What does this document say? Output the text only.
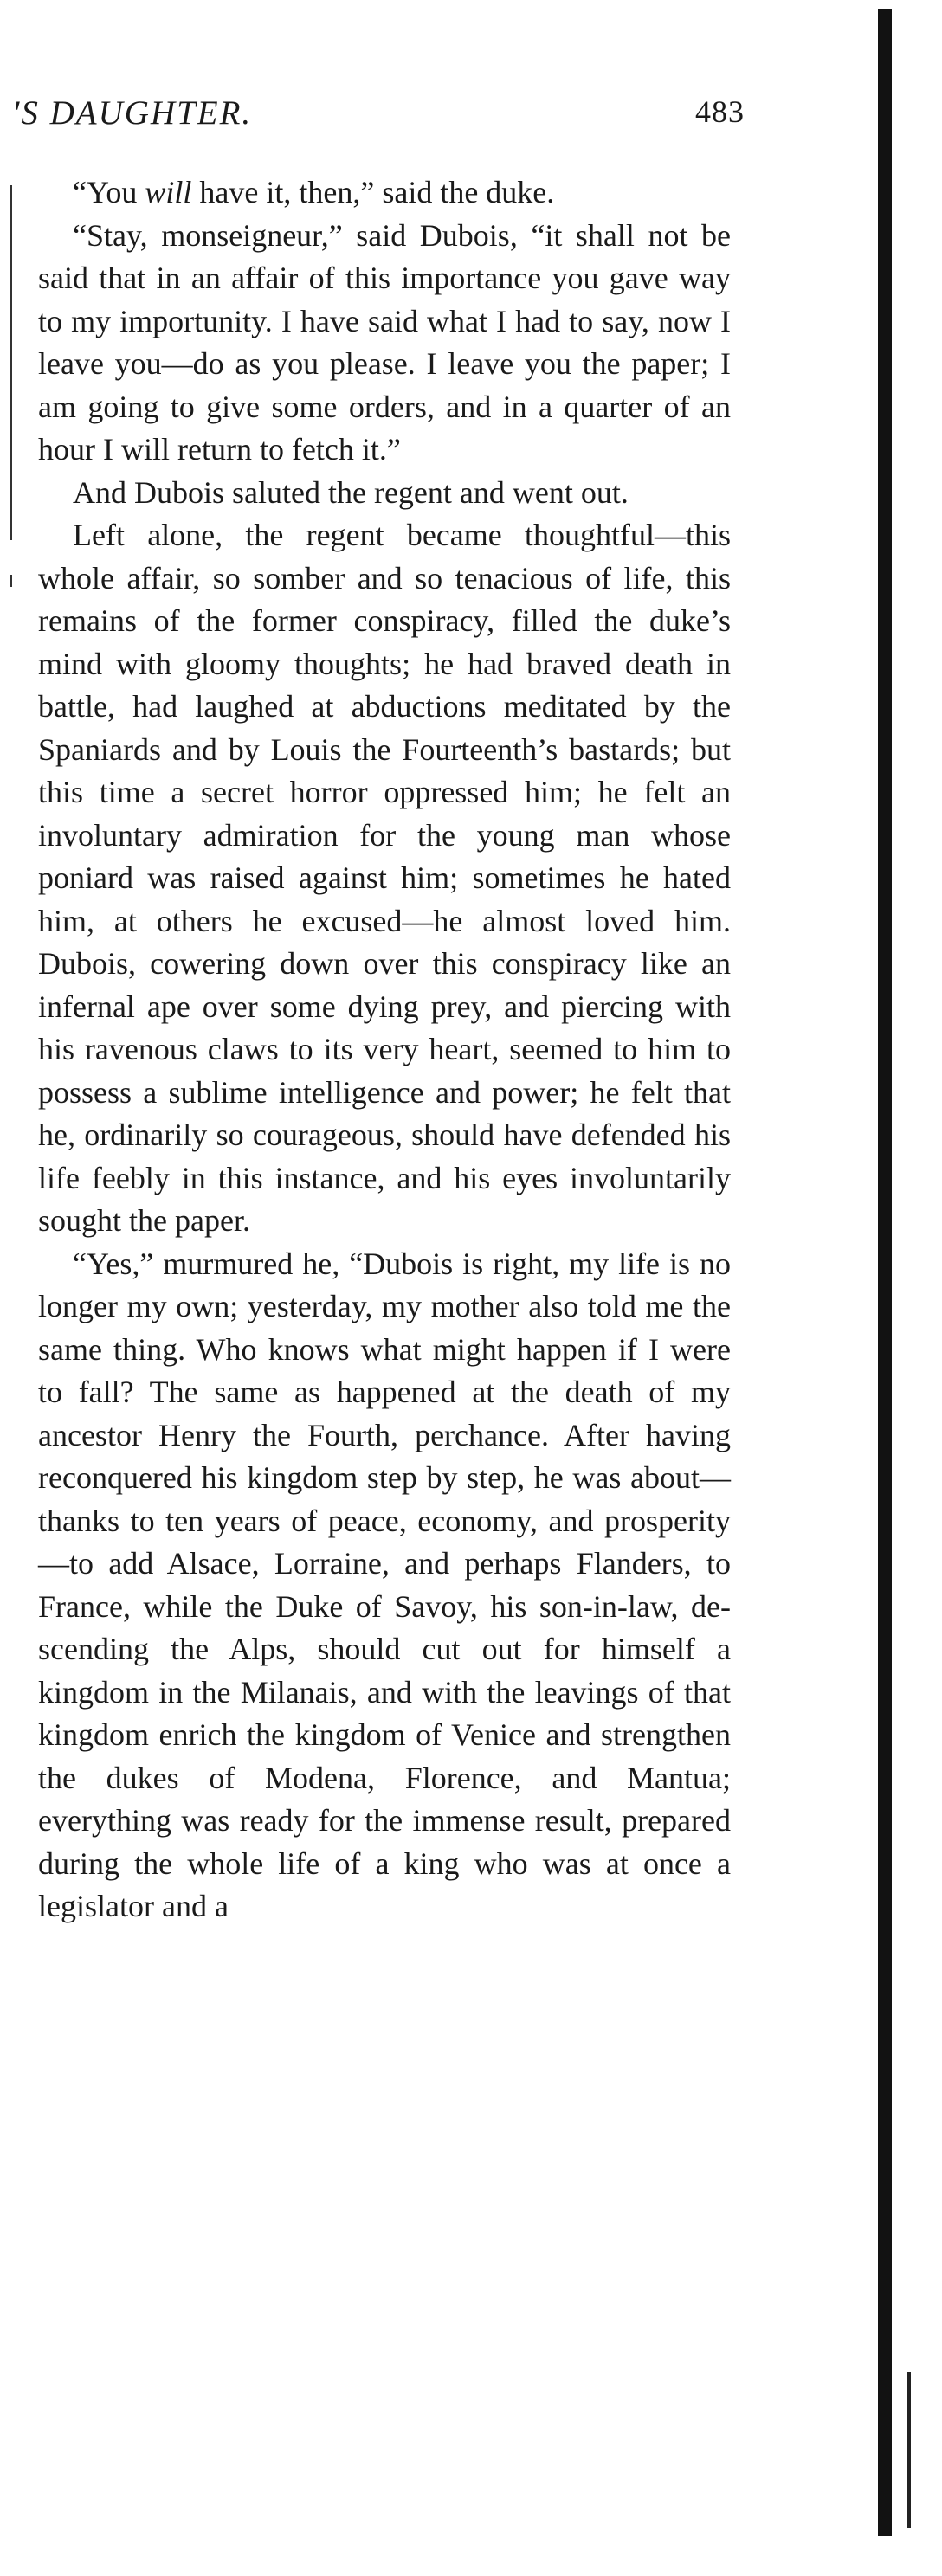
'S DAUGHTER.	483

“You will have it, then,” said the duke.

“Stay, monseigneur,” said Dubois, “it shall not be said that in an affair of this importance you gave way to my importunity. I have said what I had to say, now I leave you—do as you please. I leave you the paper; I am going to give some orders, and in a quarter of an hour I will return to fetch it.”

And Dubois saluted the regent and went out.

Left alone, the regent became thoughtful—this whole affair, so somber and so tenacious of life, this remains of the former conspiracy, filled the duke’s mind with gloomy thoughts; he had braved death in battle, had laughed at abductions meditated by the Spaniards and by Louis the Fourteenth’s bastards; but this time a secret horror oppressed him; he felt an involuntary admiration for the young man whose poniard was raised against him; sometimes he hated him, at others he excused—he almost loved him. Dubois, cowering down over this conspiracy like an infernal ape over some dying prey, and piercing with his ravenous claws to its very heart, seemed to him to possess a sublime intelligence and power; he felt that he, ordinarily so courageous, should have defended his life feebly in this instance, and his eyes involuntarily sought the paper.

“Yes,” murmured he, “Dubois is right, my life is no longer my own; yesterday, my mother also told me the same thing. Who knows what might happen if I were to fall? The same as happened at the death of my ancestor Henry the Fourth, perchance. After having reconquered his kingdom step by step, he was about—thanks to ten years of peace, economy, and prosperity—to add Alsace, Lorraine, and perhaps Flanders, to France, while the Duke of Savoy, his son-in-law, descending the Alps, should cut out for himself a kingdom in the Milanais, and with the leavings of that kingdom enrich the kingdom of Venice and strengthen the dukes of Modena, Florence, and Mantua; everything was ready for the immense result, prepared during the whole life of a king who was at once a legislator and a
